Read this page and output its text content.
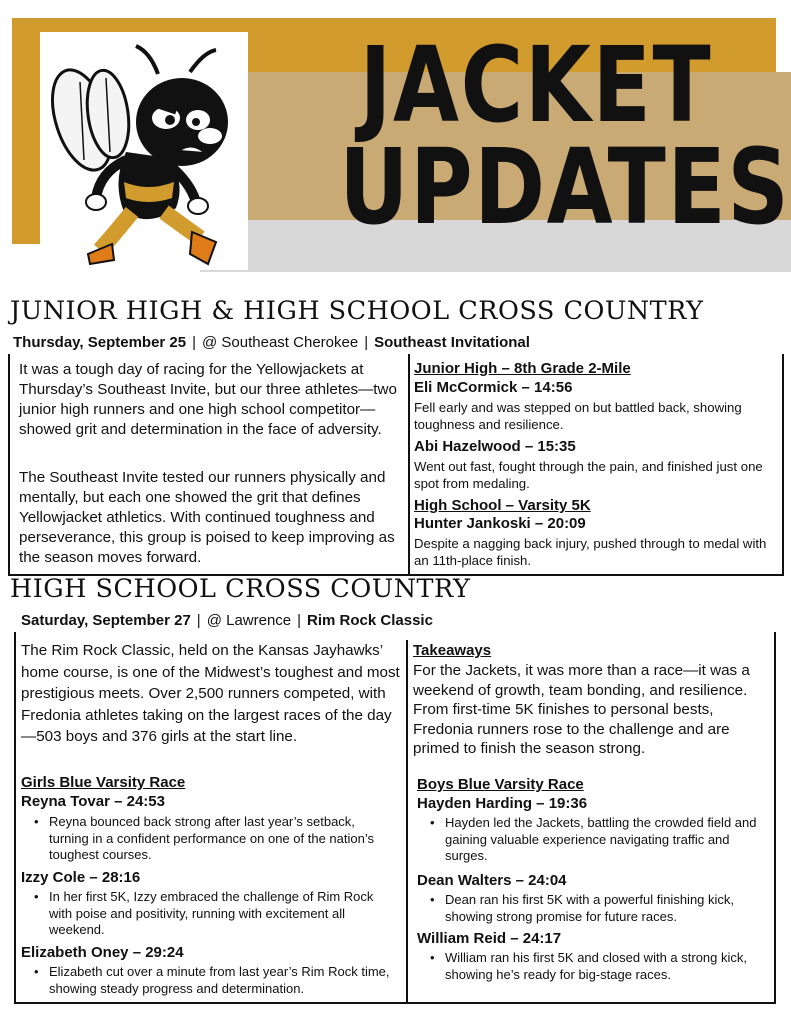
JACKET
UPDATES
JUNIOR HIGH & HIGH SCHOOL CROSS COUNTRY
Thursday, September 25 | @ Southeast Cherokee | Southeast Invitational
It was a tough day of racing for the Yellowjackets at Thursday’s Southeast Invite, but our three athletes—two junior high runners and one high school competitor—showed grit and determination in the face of adversity.
The Southeast Invite tested our runners physically and mentally, but each one showed the grit that defines Yellowjacket athletics. With continued toughness and perseverance, this group is poised to keep improving as the season moves forward.
Junior High – 8th Grade 2-Mile
Eli McCormick – 14:56
Fell early and was stepped on but battled back, showing toughness and resilience.
Abi Hazelwood – 15:35
Went out fast, fought through the pain, and finished just one spot from medaling.
High School – Varsity 5K
Hunter Jankoski – 20:09
Despite a nagging back injury, pushed through to medal with an 11th-place finish.
HIGH SCHOOL CROSS COUNTRY
Saturday, September 27 | @ Lawrence | Rim Rock Classic
The Rim Rock Classic, held on the Kansas Jayhawks’ home course, is one of the Midwest’s toughest and most prestigious meets. Over 2,500 runners competed, with Fredonia athletes taking on the largest races of the day—503 boys and 376 girls at the start line.
Girls Blue Varsity Race
Reyna Tovar – 24:53
• Reyna bounced back strong after last year’s setback, turning in a confident performance on one of the nation’s toughest courses.
Izzy Cole – 28:16
• In her first 5K, Izzy embraced the challenge of Rim Rock with poise and positivity, running with excitement all weekend.
Elizabeth Oney – 29:24
• Elizabeth cut over a minute from last year’s Rim Rock time, showing steady progress and determination.
Takeaways
For the Jackets, it was more than a race—it was a weekend of growth, team bonding, and resilience. From first-time 5K finishes to personal bests, Fredonia runners rose to the challenge and are primed to finish the season strong.
Boys Blue Varsity Race
Hayden Harding – 19:36
• Hayden led the Jackets, battling the crowded field and gaining valuable experience navigating traffic and surges.
Dean Walters – 24:04
• Dean ran his first 5K with a powerful finishing kick, showing strong promise for future races.
William Reid – 24:17
• William ran his first 5K and closed with a strong kick, showing he’s ready for big-stage races.
